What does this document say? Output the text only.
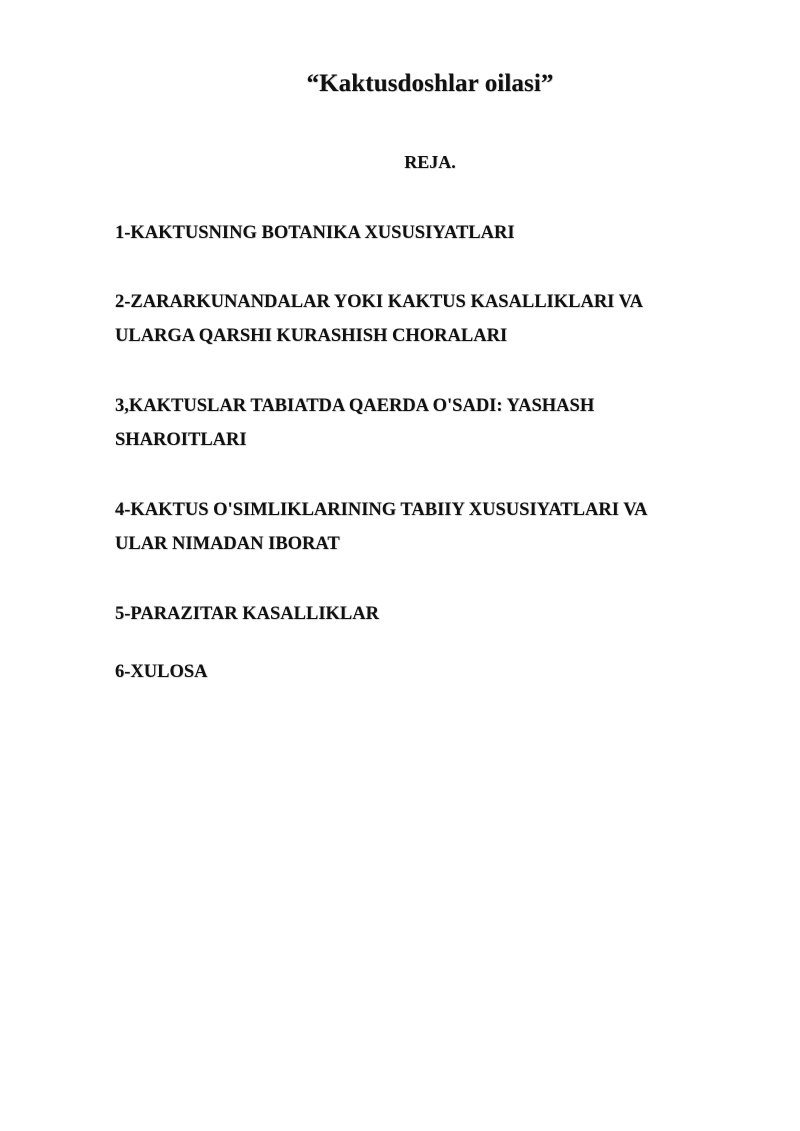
“Kaktusdoshlar oilasi”
REJA.
1-KAKTUSNING BOTANIKA XUSUSIYATLARI
2-ZARARKUNANDALAR YOKI KAKTUS KASALLIKLARI VA
ULARGA QARSHI KURASHISH CHORALARI
3,KAKTUSLAR TABIATDA QAERDA O'SADI: YASHASH
SHAROITLARI
4-KAKTUS O'SIMLIKLARINING TABIIY XUSUSIYATLARI VA
ULAR NIMADAN IBORAT
5-PARAZITAR KASALLIKLAR
6-XULOSA
